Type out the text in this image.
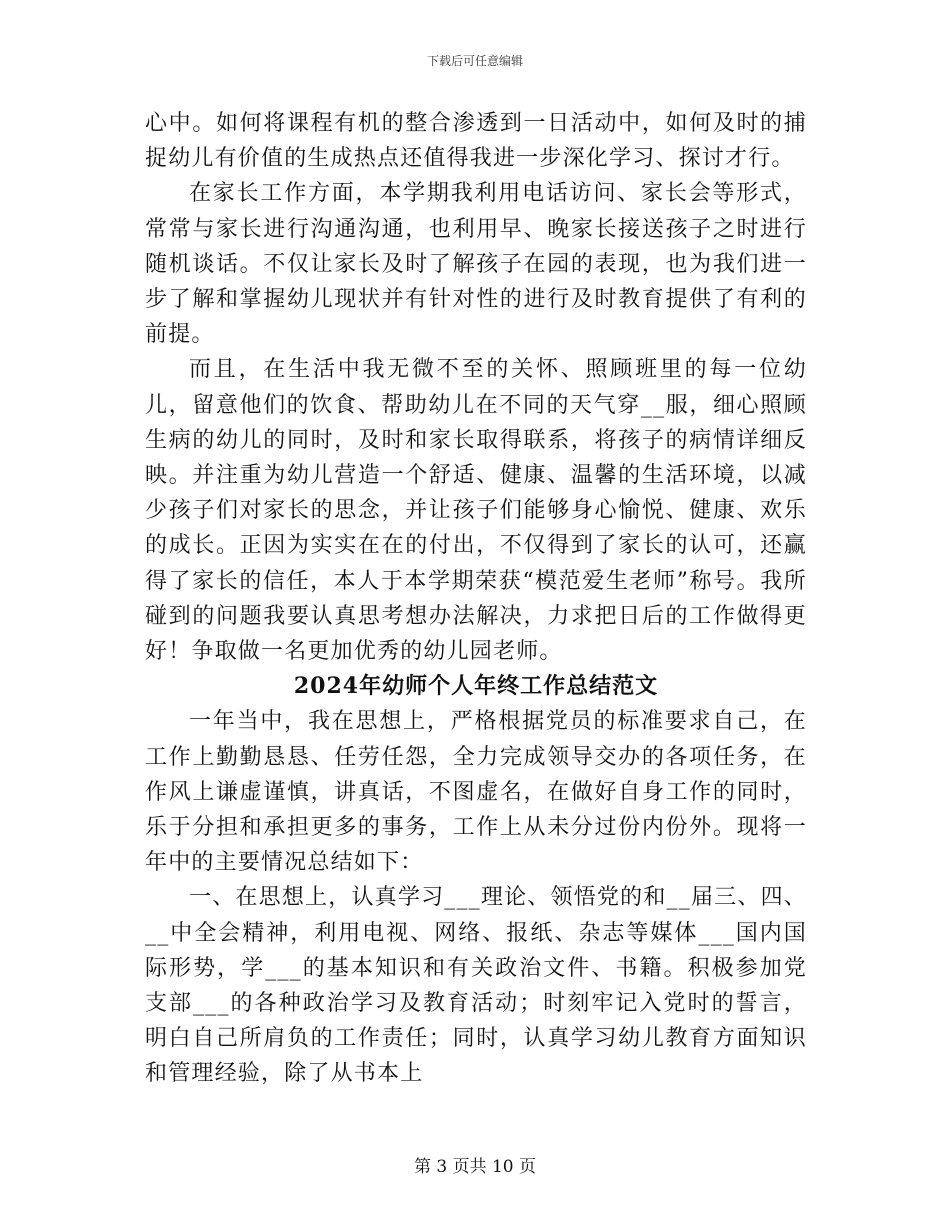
下载后可任意编辑

心中。如何将课程有机的整合渗透到一日活动中，如何及时的捕捉幼儿有价值的生成热点还值得我进一步深化学习、探讨才行。

在家长工作方面，本学期我利用电话访问、家长会等形式，常常与家长进行沟通沟通，也利用早、晚家长接送孩子之时进行随机谈话。不仅让家长及时了解孩子在园的表现，也为我们进一步了解和掌握幼儿现状并有针对性的进行及时教育提供了有利的前提。

而且，在生活中我无微不至的关怀、照顾班里的每一位幼儿，留意他们的饮食、帮助幼儿在不同的天气穿__服，细心照顾生病的幼儿的同时，及时和家长取得联系，将孩子的病情详细反映。并注重为幼儿营造一个舒适、健康、温馨的生活环境，以减少孩子们对家长的思念，并让孩子们能够身心愉悦、健康、欢乐的成长。正因为实实在在的付出，不仅得到了家长的认可，还赢得了家长的信任，本人于本学期荣获“模范爱生老师”称号。我所碰到的问题我要认真思考想办法解决，力求把日后的工作做得更好！争取做一名更加优秀的幼儿园老师。

2024年幼师个人年终工作总结范文

一年当中，我在思想上，严格根据党员的标准要求自己，在工作上勤勤恳恳、任劳任怨，全力完成领导交办的各项任务，在作风上谦虚谨慎，讲真话，不图虚名，在做好自身工作的同时，乐于分担和承担更多的事务，工作上从未分过份内份外。现将一年中的主要情况总结如下：

一、在思想上，认真学习___理论、领悟党的和__届三、四、__中全会精神，利用电视、网络、报纸、杂志等媒体___国内国际形势，学___的基本知识和有关政治文件、书籍。积极参加党支部___的各种政治学习及教育活动；时刻牢记入党时的誓言，明白自己所肩负的工作责任；同时，认真学习幼儿教育方面知识和管理经验，除了从书本上

第 3 页共 10 页
